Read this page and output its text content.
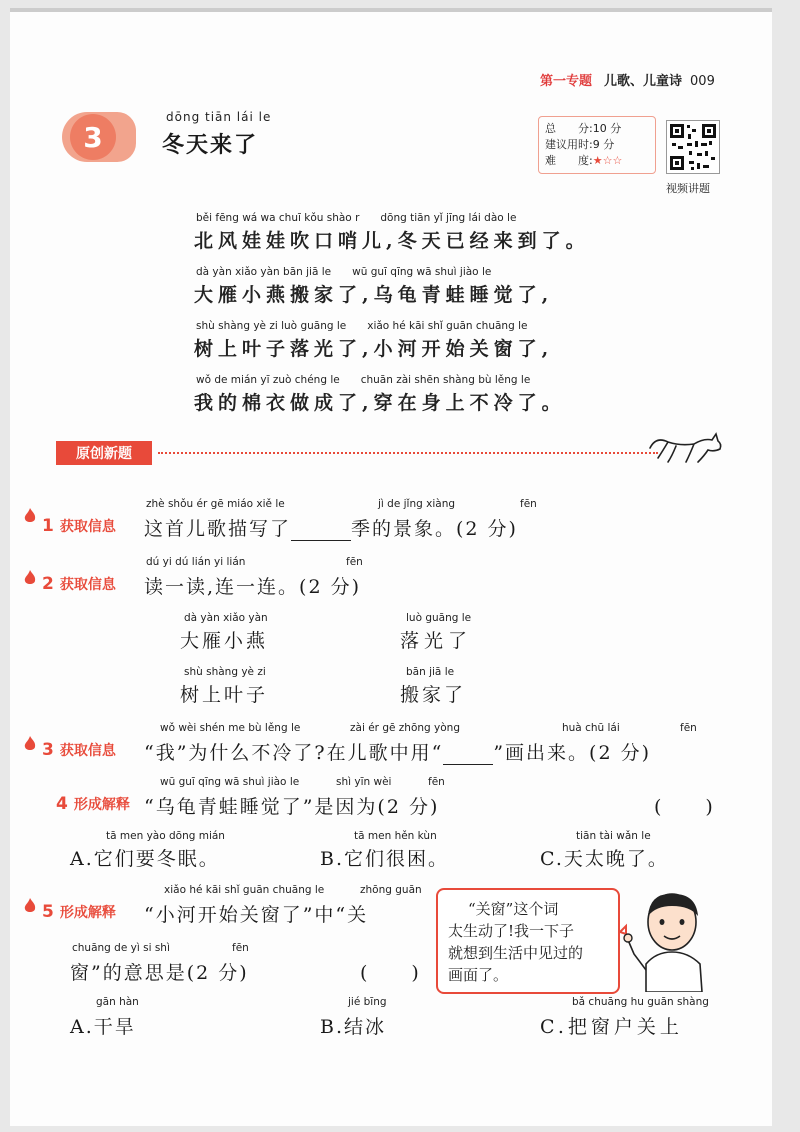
第一专题 儿歌、儿童诗 009
3
dōng tiān lái le
冬天来了
总　　分:10 分
建议用时:9 分
难　　度:★☆☆
视频讲题
běi fēng wá wa chuī kǒu shào r　　dōng tiān yǐ jīng lái dào le
北风娃娃吹口哨儿,冬天已经来到了。
dà yàn xiǎo yàn bān jiā le　　wū guī qīng wā shuì jiào le
大雁小燕搬家了,乌龟青蛙睡觉了,
shù shàng yè zi luò guāng le　　xiǎo hé kāi shǐ guān chuāng le
树上叶子落光了,小河开始关窗了,
wǒ de mián yī zuò chéng le　　chuān zài shēn shàng bù lěng le
我的棉衣做成了,穿在身上不冷了。
原创新题
1 获取信息
zhè shǒu ér gē miáo xiě le	jì de jǐng xiàng	fēn
这首儿歌描写了	季的景象。(2 分)
2 获取信息
dú yi dú lián yi lián	fēn
读一读,连一连。(2 分)
dà yàn xiǎo yàn
大雁小燕
luò guāng le
落光了
shù shàng yè zi
树上叶子
bān jiā le
搬家了
3 获取信息
wǒ wèi shén me bù lěng le	zài ér gē zhōng yòng	huà chū lái	fēn
“我”为什么不冷了?在儿歌中用“	”画出来。(2 分)
4 形成解释
wū guī qīng wā shuì jiào le	shì yīn wèi	fēn
“乌龟青蛙睡觉了”是因为(2 分)	(　　)
tā men yào dōng mián
A.它们要冬眠。
tā men hěn kùn
B.它们很困。
tiān tài wǎn le
C.天太晚了。
5 形成解释
xiǎo hé kāi shǐ guān chuāng le	zhōng guān
“小河开始关窗了”中“关
chuāng de yì si shì	fēn
窗”的意思是(2 分)	(　　)
gān hàn
A.干旱
jié bīng
B.结冰
bǎ chuāng hu guān shàng
C.把窗户关上
“关窗”这个词
太生动了!我一下子
就想到生活中见过的
画面了。
